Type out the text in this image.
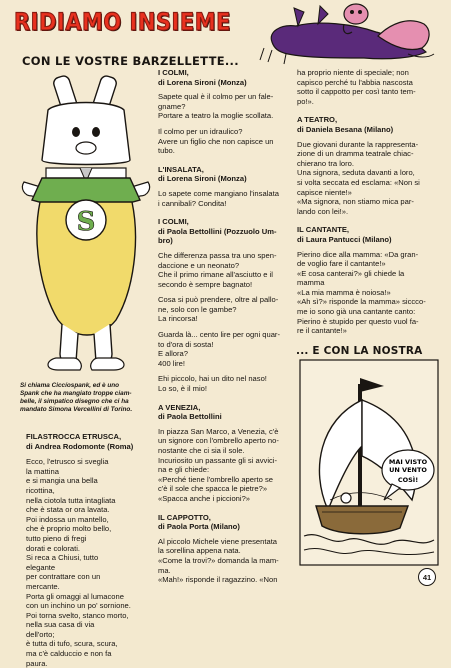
RIDIAMO INSIEME
CON LE VOSTRE BARZELLETTE...
S
Si chiama Ciccíospank, ed è uno
Spank che ha mangiato troppe ciam-
belle, il simpatico disegno che ci ha
mandato Simona Vercellini di Torino.
FILASTROCCA ETRUSCA,
di Andrea Rodomonte (Roma)
Ecco, l'etrusco si sveglia
la mattina
e si mangia una bella
ricottina,
nella ciotola tutta intagliata
che è stata or ora lavata.
Poi indossa un mantello,
che è proprio molto bello,
tutto pieno di fregi
dorati e colorati.
Si reca a Chiusi, tutto
elegante
per contrattare con un
mercante.
Porta gli omaggi al lumacone
con un inchino un po' sornione.
Poi torna svelto, stanco morto,
nella sua casa di via
dell'orto;
è tutta di tufo, scura, scura,
ma c'è calduccio e non fa
paura.
I COLMI,
di Lorena Sironi (Monza)

Sapete qual è il colmo per un fale-
gname?
Portare a teatro la moglie scollata.

Il colmo per un idraulico?
Avere un figlio che non capisce un
tubo.

L'INSALATA,
di Lorena Sironi (Monza)

Lo sapete come mangiano l'insalata
i cannibali? Condita!

I COLMI,
di Paola Bettollini (Pozzuolo Um-
bro)

Che differenza passa tra uno spen-
daccione e un neonato?
Che il primo rimane all'asciutto e il
secondo è sempre bagnato!

Cosa si può prendere, oltre al pallo-
ne, solo con le gambe?
La rincorsa!

Guarda là... cento lire per ogni quar-
to d'ora di sosta!
E allora?
400 lire!

Ehi piccolo, hai un dito nel naso!
Lo so, è il mio!

A VENEZIA,
di Paola Bettollini

In piazza San Marco, a Venezia, c'è
un signore con l'ombrello aperto no-
nostante che ci sia il sole.
Incuriosito un passante gli si avvici-
na e gli chiede:
«Perché tiene l'ombrello aperto se
c'è il sole che spacca le pietre?»
«Spacca anche i piccioni?»

IL CAPPOTTO,
di Paola Porta (Milano)

Al piccolo Michele viene presentata
la sorellina appena nata.
«Come la trovi?» domanda la mam-
ma.
«Mah!» risponde il ragazzino. «Non

ha proprio niente di speciale; non
capisco perché tu l'abbia nascosta
sotto il cappotto per così tanto tem-
po!».

A TEATRO,
di Daniela Besana (Milano)

Due giovani durante la rappresenta-
zione di un dramma teatrale chiac-
chierano tra loro.
Una signora, seduta davanti a loro,
si volta seccata ed esclama: «Non si
capisce niente!»
«Ma signora, non stiamo mica par-
lando con lei!».

IL CANTANTE,
di Laura Pantucci (Milano)

Pierino dice alla mamma: «Da gran-
de voglio fare il cantante!»
«E cosa canterai?» gli chiede la
mamma
«La mia mamma è noiosa!»
«Ah sì?» risponde la mamma» siccco-
me io sono già una cantante canto:
Pierino è stupido per questo vuol fa-
re il cantante!»

... E CON LA NOSTRA
MAI VISTO
UN VENTO
COSÌ!
41
